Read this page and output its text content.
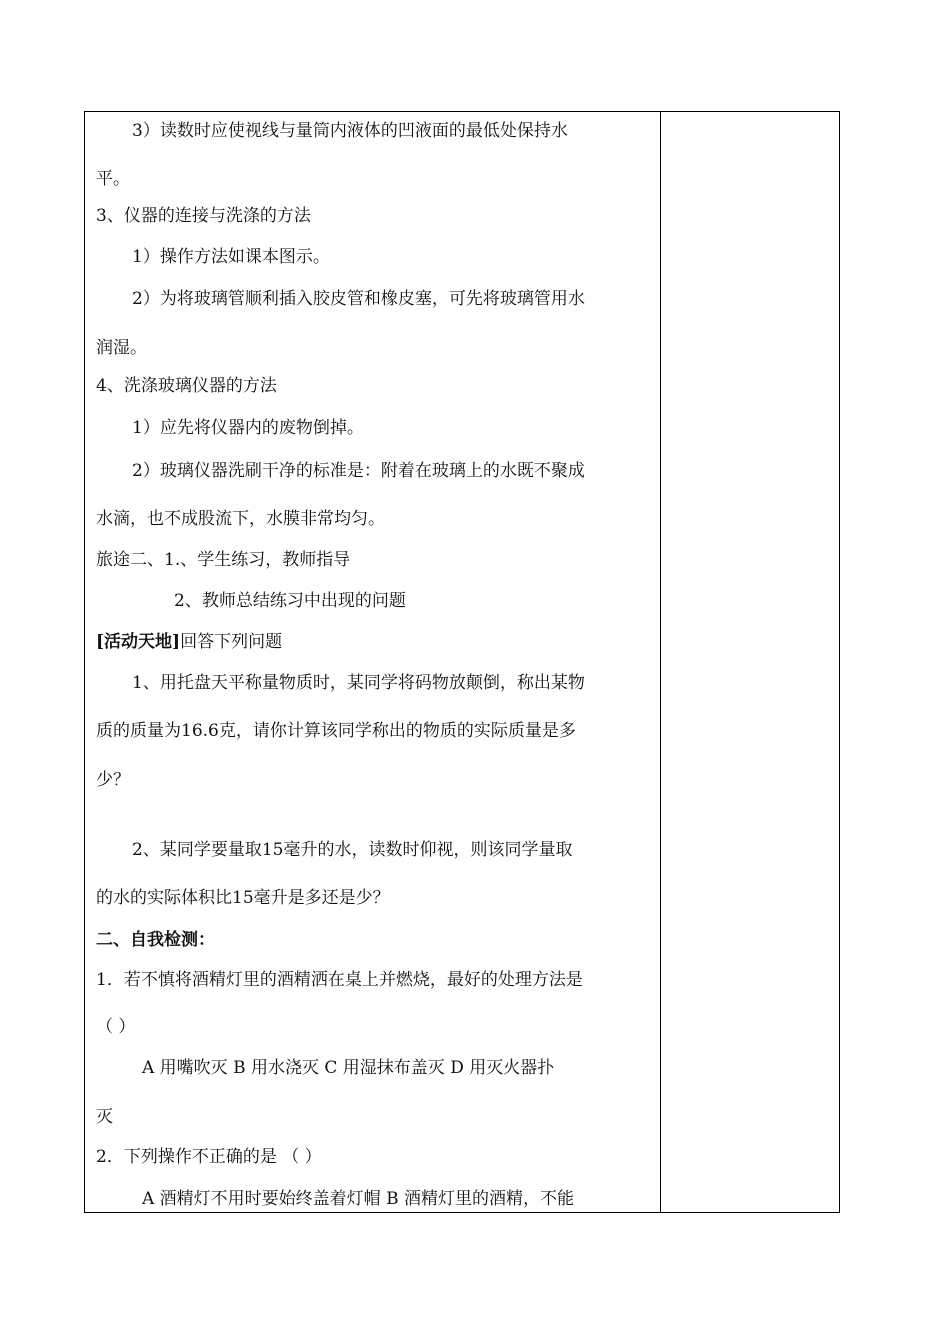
3）读数时应使视线与量筒内液体的凹液面的最低处保持水
平。
3、仪器的连接与洗涤的方法
1）操作方法如课本图示。
2）为将玻璃管顺利插入胶皮管和橡皮塞，可先将玻璃管用水
润湿。
4、洗涤玻璃仪器的方法
1）应先将仪器内的废物倒掉。
2）玻璃仪器洗刷干净的标准是：附着在玻璃上的水既不聚成
水滴，也不成股流下，水膜非常均匀。
旅途二、1.、学生练习，教师指导
2、教师总结练习中出现的问题
[活动天地]回答下列问题
1、用托盘天平称量物质时，某同学将码物放颠倒，称出某物
质的质量为16.6克，请你计算该同学称出的物质的实际质量是多
少？
2、某同学要量取15毫升的水，读数时仰视，则该同学量取
的水的实际体积比15毫升是多还是少？
二、自我检测：
1．若不慎将酒精灯里的酒精洒在桌上并燃烧，最好的处理方法是
（ ）
A 用嘴吹灭 B 用水浇灭 C 用湿抹布盖灭 D 用灭火器扑
灭
2．下列操作不正确的是 （ ）
A 酒精灯不用时要始终盖着灯帽 B 酒精灯里的酒精，不能
